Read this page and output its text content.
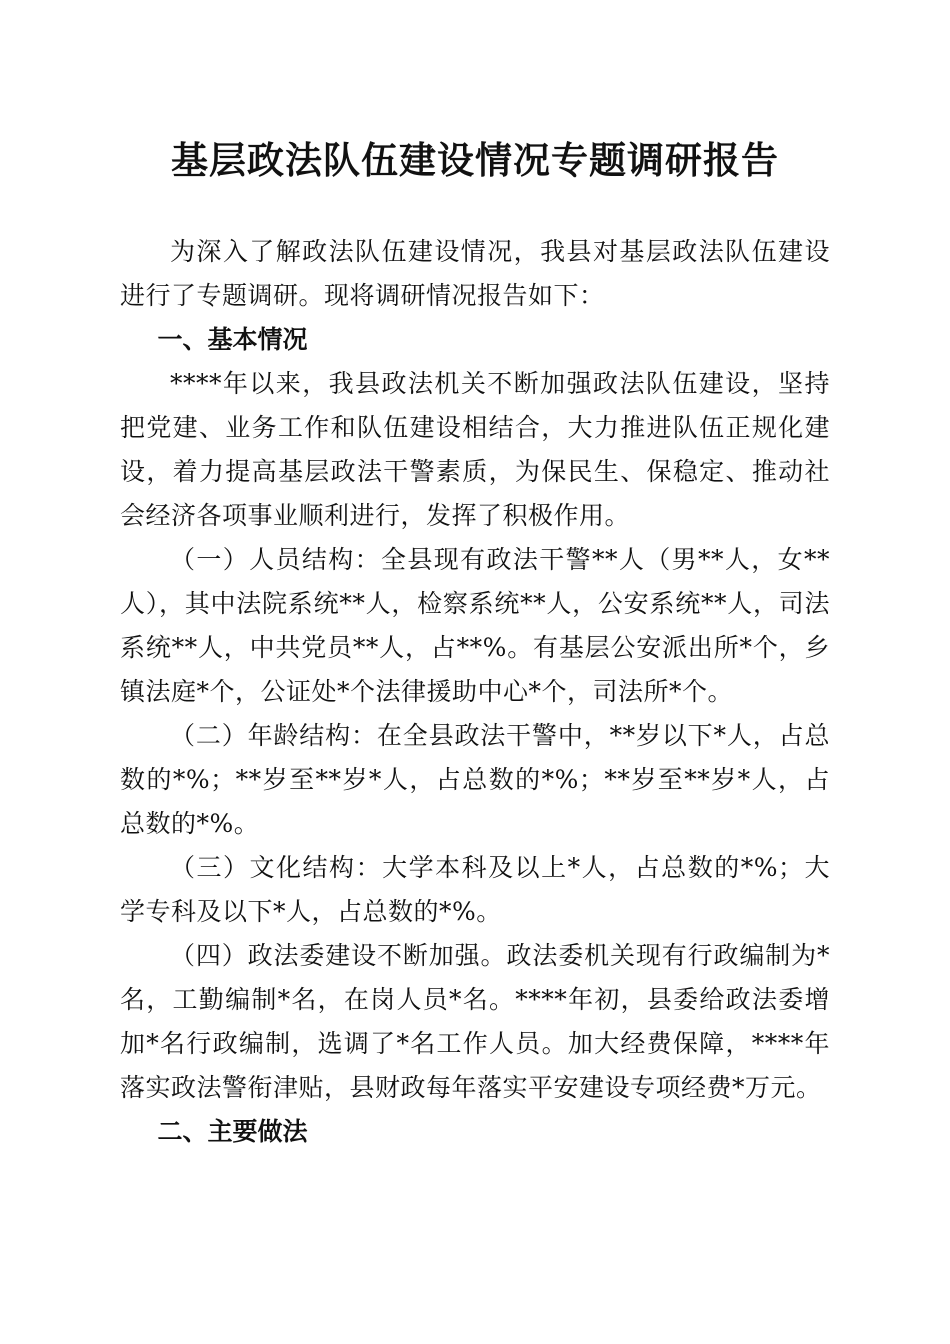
基层政法队伍建设情况专题调研报告

为深入了解政法队伍建设情况，我县对基层政法队伍建设进行了专题调研。现将调研情况报告如下：

一、基本情况

****年以来，我县政法机关不断加强政法队伍建设，坚持把党建、业务工作和队伍建设相结合，大力推进队伍正规化建设，着力提高基层政法干警素质，为保民生、保稳定、推动社会经济各项事业顺利进行，发挥了积极作用。

（一）人员结构：全县现有政法干警**人（男**人，女**人），其中法院系统**人，检察系统**人，公安系统**人，司法系统**人，中共党员**人，占**%。有基层公安派出所*个，乡镇法庭*个，公证处*个法律援助中心*个，司法所*个。

（二）年龄结构：在全县政法干警中，**岁以下*人，占总数的*%；**岁至**岁*人，占总数的*%；**岁至**岁*人，占总数的*%。

（三）文化结构：大学本科及以上*人，占总数的*%；大学专科及以下*人，占总数的*%。

（四）政法委建设不断加强。政法委机关现有行政编制为*名，工勤编制*名，在岗人员*名。****年初，县委给政法委增加*名行政编制，选调了*名工作人员。加大经费保障，****年落实政法警衔津贴，县财政每年落实平安建设专项经费*万元。

二、主要做法
